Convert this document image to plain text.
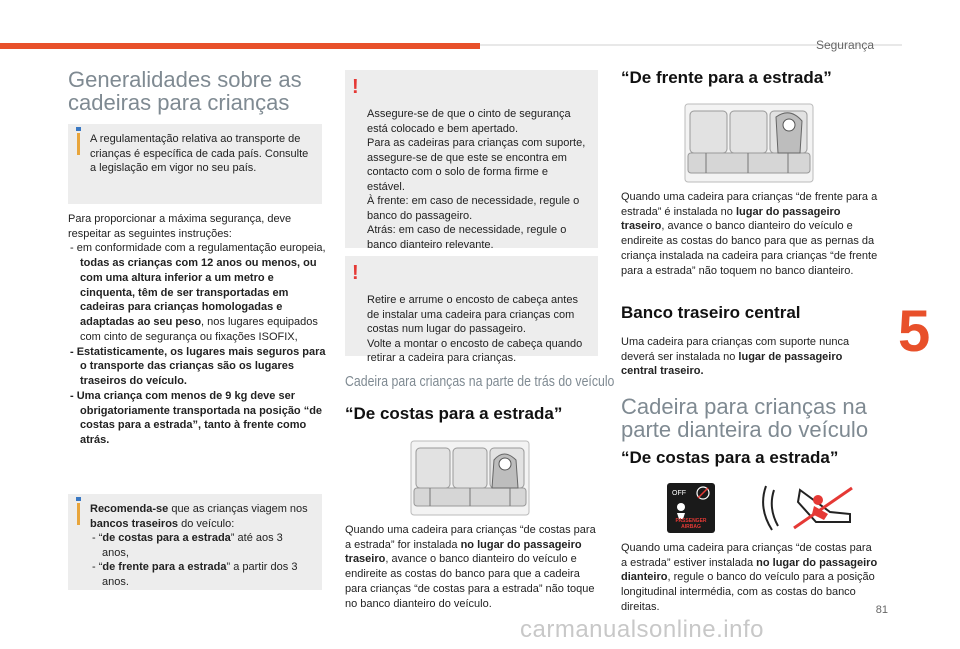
Segurança
5
81
carmanualsonline.info
Generalidades sobre as
cadeiras para crianças
A regulamentação relativa ao transporte de crianças é específica de cada país. Consulte a legislação em vigor no seu país.

Para proporcionar a máxima segurança, deve respeitar as seguintes instruções:

- em conformidade com a regulamentação europeia, todas as crianças com 12 anos ou menos, ou com uma altura inferior a um metro e cinquenta, têm de ser transportadas em cadeiras para crianças homologadas e adaptadas ao seu peso, nos lugares equipados com cinto de segurança ou fixações ISOFIX,

- Estatisticamente, os lugares mais seguros para o transporte das crianças são os lugares traseiros do veículo.

- Uma criança com menos de 9 kg deve ser obrigatoriamente transportada na posição “de costas para a estrada”, tanto à frente como atrás.

Recomenda-se que as crianças viagem nos bancos traseiros do veículo:
- “de costas para a estrada” até aos 3 anos,
- “de frente para a estrada” a partir dos 3 anos.

!

Assegure-se de que o cinto de segurança está colocado e bem apertado.
Para as cadeiras para crianças com suporte, assegure-se de que este se encontra em contacto com o solo de forma firme e estável.
À frente: em caso de necessidade, regule o banco do passageiro.
Atrás: em caso de necessidade, regule o banco dianteiro relevante.

!

Retire e arrume o encosto de cabeça antes de instalar uma cadeira para crianças com costas num lugar do passageiro.
Volte a montar o encosto de cabeça quando retirar a cadeira para crianças.

Cadeira para crianças na parte de trás do veículo
“De costas para a estrada”

Quando uma cadeira para crianças “de costas para a estrada” for instalada no lugar do passageiro traseiro, avance o banco dianteiro do veículo e endireite as costas do banco para que a cadeira para crianças “de costas para a estrada” não toque no banco dianteiro do veículo.

“De frente para a estrada”

Quando uma cadeira para crianças “de frente para a estrada” é instalada no lugar do passageiro traseiro, avance o banco dianteiro do veículo e endireite as costas do banco para que as pernas da criança instalada na cadeira para crianças “de frente para a estrada” não toquem no banco dianteiro.

Banco traseiro central

Uma cadeira para crianças com suporte nunca deverá ser instalada no lugar de passageiro central traseiro.

Cadeira para crianças na
parte dianteira do veículo
“De costas para a estrada”
OFF
PASSENGER AIRBAG

Quando uma cadeira para crianças “de costas para a estrada” estiver instalada no lugar do passageiro dianteiro, regule o banco do veículo para a posição longitudinal intermédia, com as costas do banco direitas.
